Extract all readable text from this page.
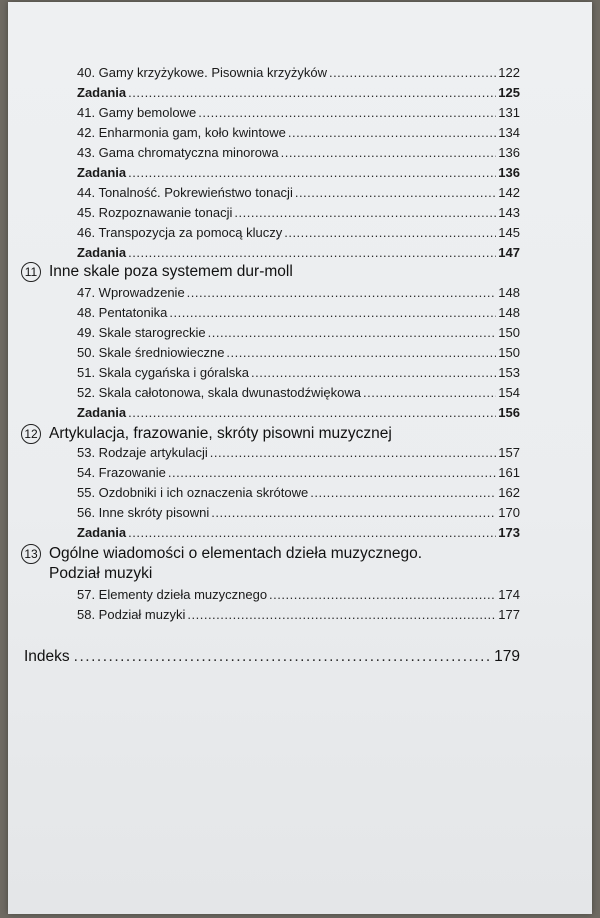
40. Gamy krzyżykowe. Pisownia krzyżyków .....	122
Zadania .....	125
41. Gamy bemolowe .....	131
42. Enharmonia gam, koło kwintowe .....	134
43. Gama chromatyczna minorowa .....	136
Zadania .....	136
44. Tonalność. Pokrewieństwo tonacji .....	142
45. Rozpoznawanie tonacji .....	143
46. Transpozycja za pomocą kluczy .....	145
Zadania .....	147
11 Inne skale poza systemem dur-moll
47. Wprowadzenie .....	148
48. Pentatonika .....	148
49. Skale starogreckie .....	150
50. Skale średniowieczne .....	150
51. Skala cygańska i góralska .....	153
52. Skala całotonowa, skala dwunastodźwiękowa .....	154
Zadania .....	156
12 Artykulacja, frazowanie, skróty pisowni muzycznej
53. Rodzaje artykulacji .....	157
54. Frazowanie .....	161
55. Ozdobniki i ich oznaczenia skrótowe .....	162
56. Inne skróty pisowni .....	170
Zadania .....	173
13 Ogólne wiadomości o elementach dzieła muzycznego.
Podział muzyki
57. Elementy dzieła muzycznego .....	174
58. Podział muzyki .....	177
Indeks .....	179
